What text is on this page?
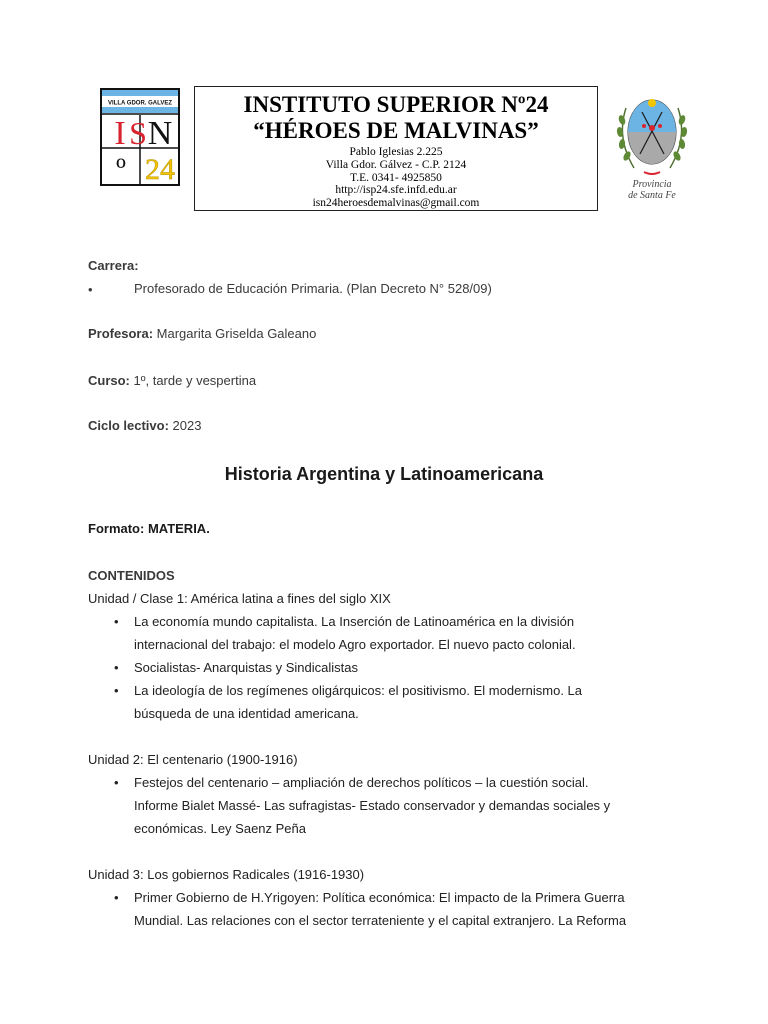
VILLA GDOR. GALVEZ
I S N
º 24
INSTITUTO SUPERIOR Nº24
“HÉROES DE MALVINAS”
Pablo Iglesias 2.225
Villa Gdor. Gálvez - C.P. 2124
T.E. 0341- 4925850
http://isp24.sfe.infd.edu.ar
isn24heroesdemalvinas@gmail.com
Provincia
de Santa Fe
Carrera:
•	Profesorado de Educación Primaria. (Plan Decreto N° 528/09)
Profesora: Margarita Griselda Galeano
Curso: 1º, tarde y vespertina
Ciclo lectivo: 2023
Historia Argentina y Latinoamericana
Formato: MATERIA.
CONTENIDOS
Unidad / Clase 1: América latina a fines del siglo XIX
• La economía mundo capitalista. La Inserción de Latinoamérica en la división
internacional del trabajo: el modelo Agro exportador. El nuevo pacto colonial.
• Socialistas- Anarquistas y Sindicalistas
• La ideología de los regímenes oligárquicos: el positivismo. El modernismo. La
búsqueda de una identidad americana.
Unidad 2: El centenario (1900-1916)
• Festejos del centenario – ampliación de derechos políticos – la cuestión social.
Informe Bialet Massé- Las sufragistas- Estado conservador y demandas sociales y
económicas. Ley Saenz Peña
Unidad 3: Los gobiernos Radicales (1916-1930)
• Primer Gobierno de H.Yrigoyen: Política económica: El impacto de la Primera Guerra
Mundial. Las relaciones con el sector terrateniente y el capital extranjero. La Reforma
